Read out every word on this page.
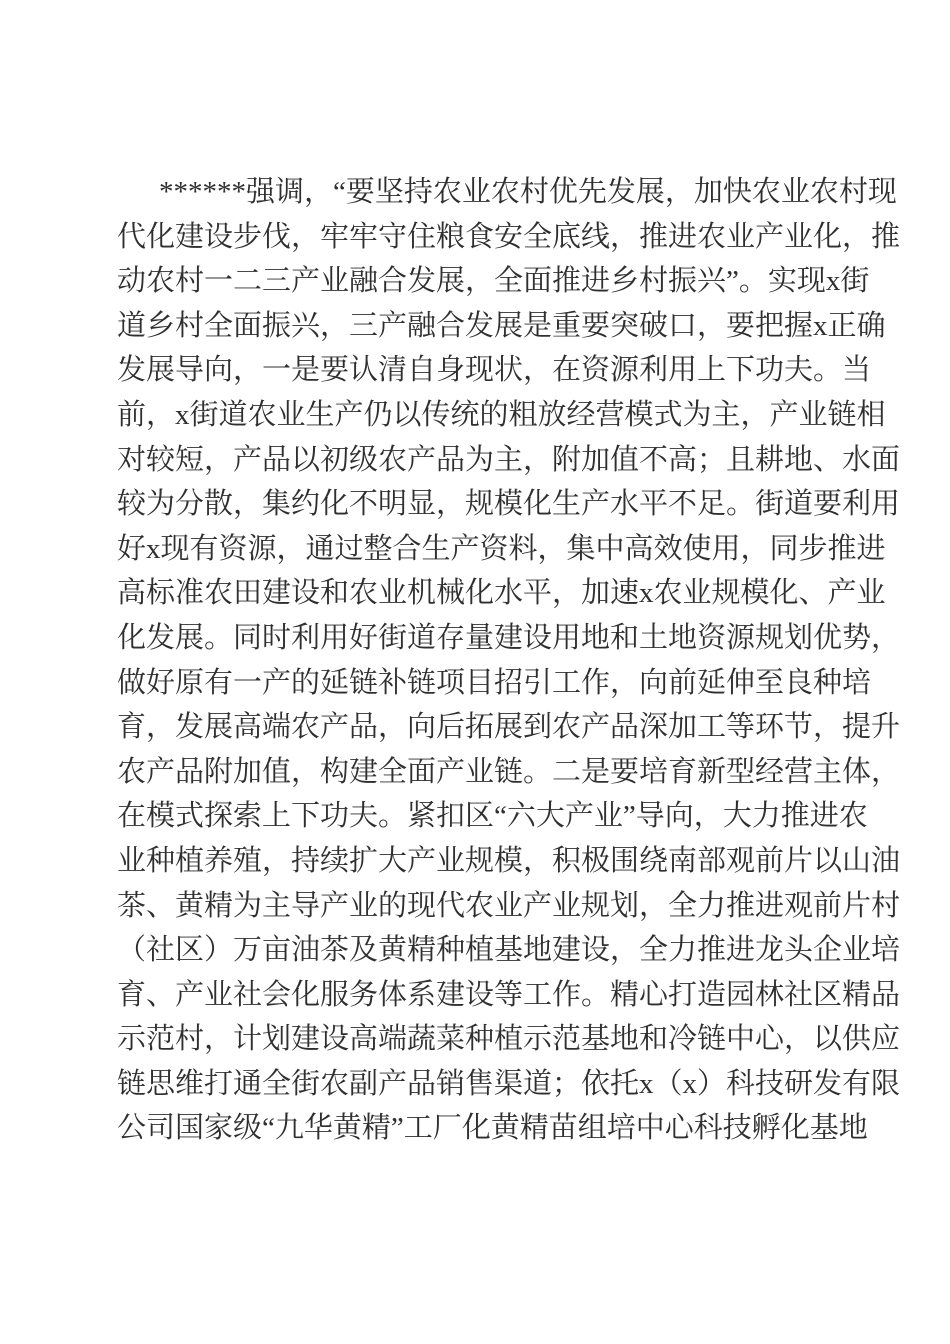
******强调，“要坚持农业农村优先发展，加快农业农村现
代化建设步伐，牢牢守住粮食安全底线，推进农业产业化，推
动农村一二三产业融合发展，全面推进乡村振兴”。实现x街
道乡村全面振兴，三产融合发展是重要突破口，要把握x正确
发展导向，一是要认清自身现状，在资源利用上下功夫。当
前，x街道农业生产仍以传统的粗放经营模式为主，产业链相
对较短，产品以初级农产品为主，附加值不高；且耕地、水面
较为分散，集约化不明显，规模化生产水平不足。街道要利用
好x现有资源，通过整合生产资料，集中高效使用，同步推进
高标准农田建设和农业机械化水平，加速x农业规模化、产业
化发展。同时利用好街道存量建设用地和土地资源规划优势，
做好原有一产的延链补链项目招引工作，向前延伸至良种培
育，发展高端农产品，向后拓展到农产品深加工等环节，提升
农产品附加值，构建全面产业链。二是要培育新型经营主体，
在模式探索上下功夫。紧扣区“六大产业”导向，大力推进农
业种植养殖，持续扩大产业规模，积极围绕南部观前片以山油
茶、黄精为主导产业的现代农业产业规划，全力推进观前片村
（社区）万亩油茶及黄精种植基地建设，全力推进龙头企业培
育、产业社会化服务体系建设等工作。精心打造园林社区精品
示范村，计划建设高端蔬菜种植示范基地和冷链中心，以供应
链思维打通全街农副产品销售渠道；依托x（x）科技研发有限
公司国家级“九华黄精”工厂化黄精苗组培中心科技孵化基地
